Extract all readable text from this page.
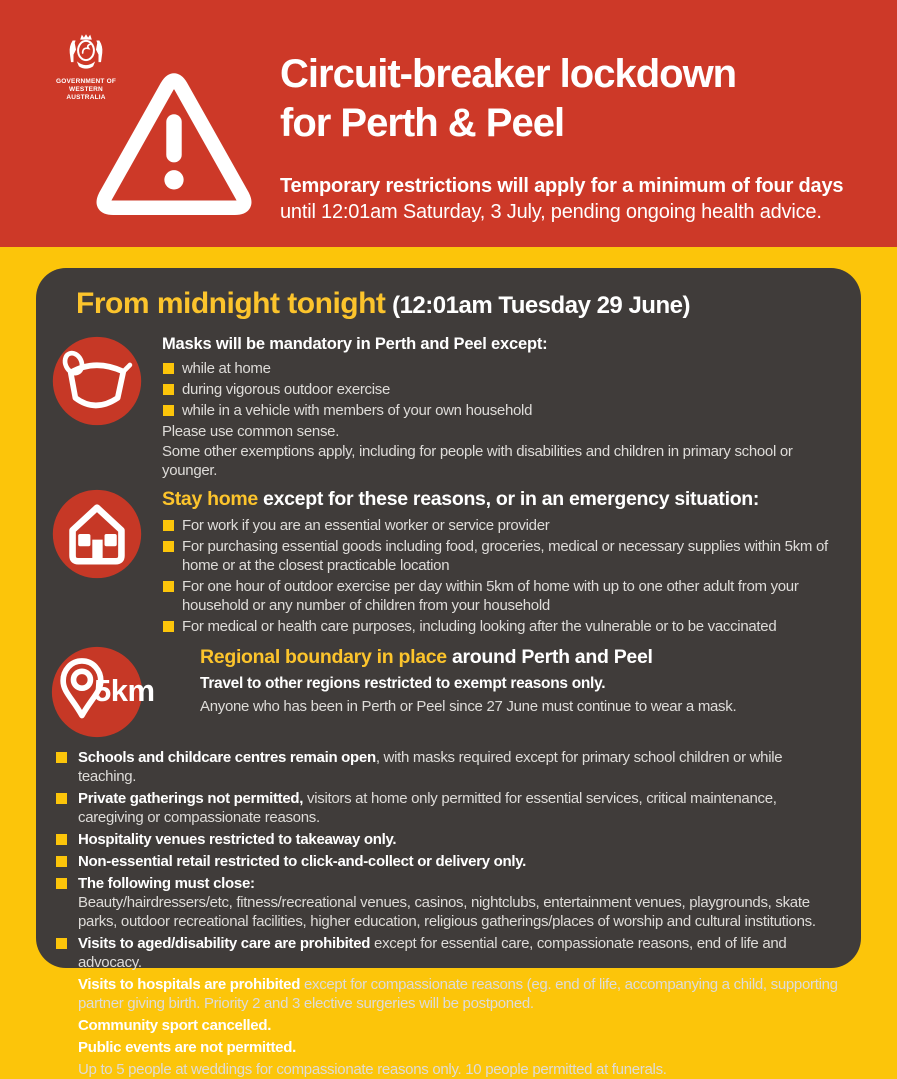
GOVERNMENT OF
WESTERN AUSTRALIA
Circuit-breaker lockdown
for Perth & Peel

Temporary restrictions will apply for a minimum of four days
until 12:01am Saturday, 3 July, pending ongoing health advice.

From midnight tonight (12:01am Tuesday 29 June)
Masks will be mandatory in Perth and Peel except:
while at home
during vigorous outdoor exercise
while in a vehicle with members of your own household

Please use common sense.

Some other exemptions apply, including for people with disabilities and children in primary school or younger.

Stay home except for these reasons, or in an emergency situation:
For work if you are an essential worker or service provider
For purchasing essential goods including food, groceries, medical or necessary supplies within 5km of home or at the closest practicable location
For one hour of outdoor exercise per day within 5km of home with up to one other adult from your household or any number of children from your household
For medical or health care purposes, including looking after the vulnerable or to be vaccinated
5km
Regional boundary in place around Perth and Peel

Travel to other regions restricted to exempt reasons only.

Anyone who has been in Perth or Peel since 27 June must continue to wear a mask.

Schools and childcare centres remain open, with masks required except for primary school children or while teaching.
Private gatherings not permitted, visitors at home only permitted for essential services, critical maintenance, caregiving or compassionate reasons.
Hospitality venues restricted to takeaway only.
Non-essential retail restricted to click-and-collect or delivery only.
The following must close:
Beauty/hairdressers/etc, fitness/recreational venues, casinos, nightclubs, entertainment venues, playgrounds, skate parks, outdoor recreational facilities, higher education, religious gatherings/places of worship and cultural institutions.
Visits to aged/disability care are prohibited except for essential care, compassionate reasons, end of life and advocacy.
Visits to hospitals are prohibited except for compassionate reasons (eg. end of life, accompanying a child, supporting partner giving birth. Priority 2 and 3 elective surgeries will be postponed.
Community sport cancelled.
Public events are not permitted.
Up to 5 people at weddings for compassionate reasons only. 10 people permitted at funerals.
